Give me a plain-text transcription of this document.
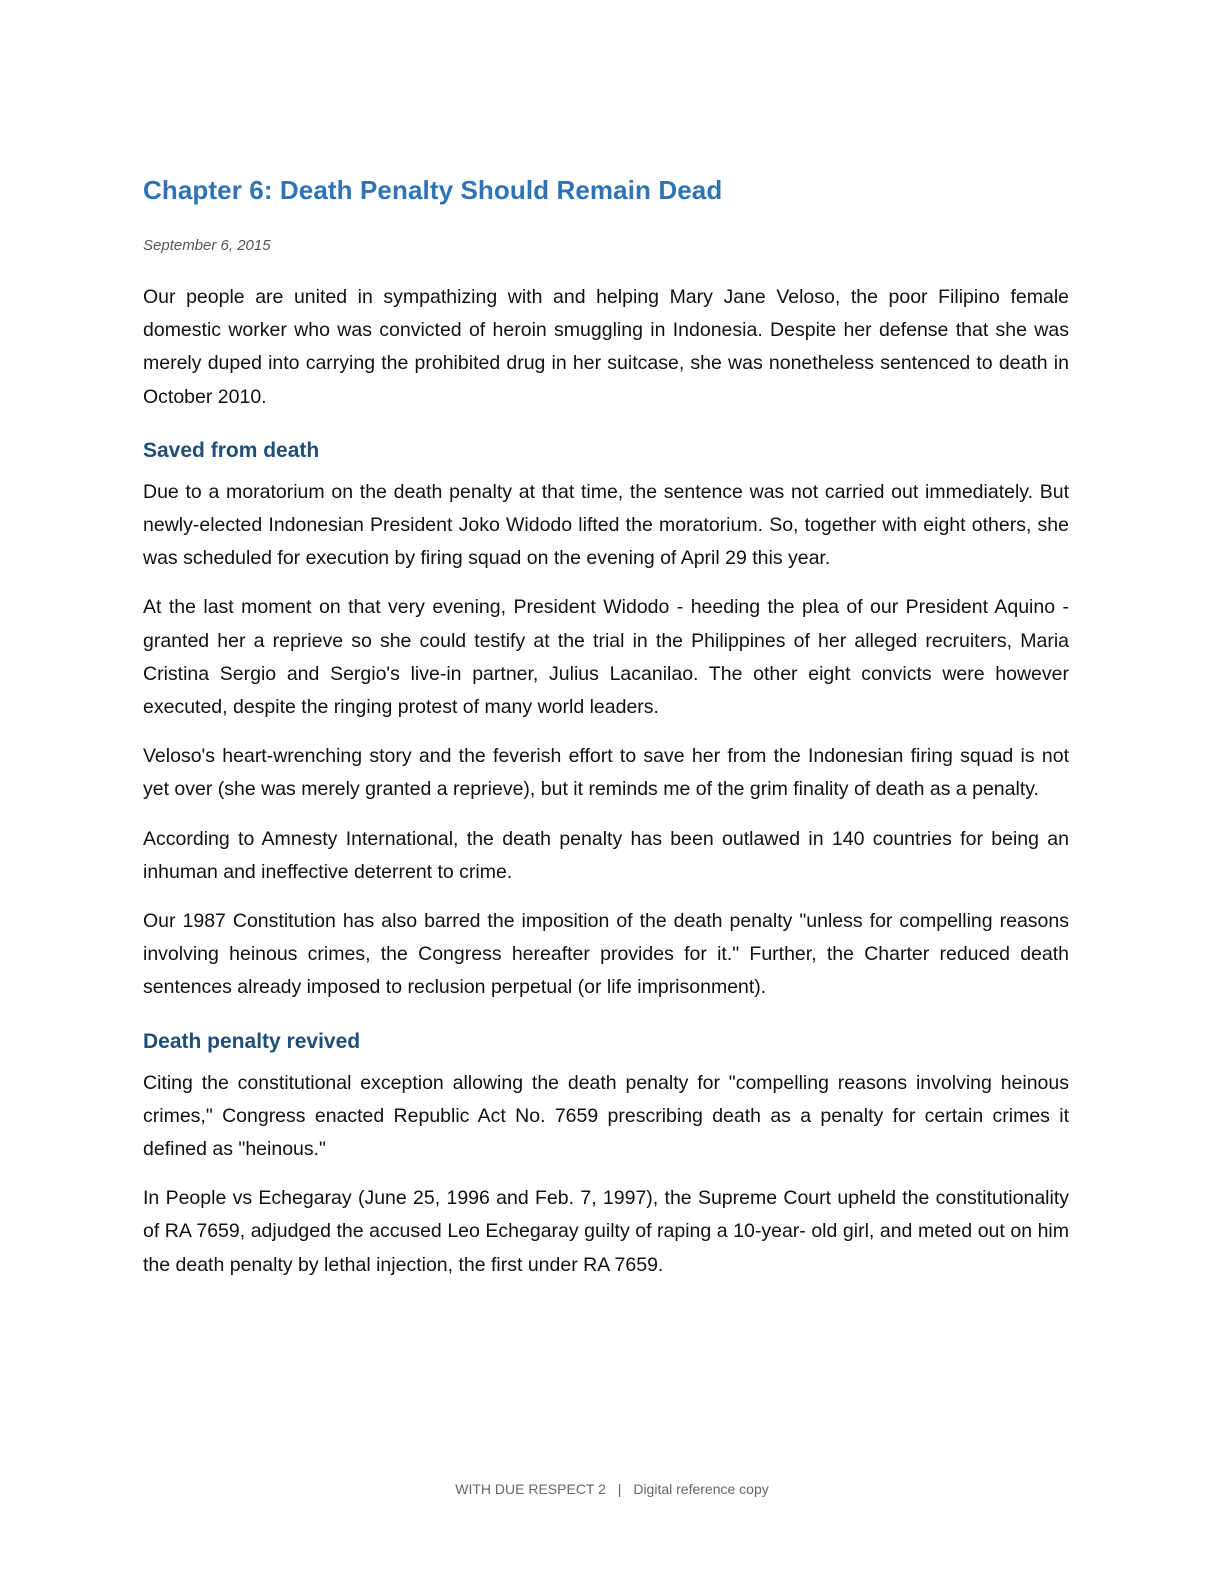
Chapter 6: Death Penalty Should Remain Dead
September 6, 2015

Our people are united in sympathizing with and helping Mary Jane Veloso, the poor Filipino female domestic worker who was convicted of heroin smuggling in Indonesia. Despite her defense that she was merely duped into carrying the prohibited drug in her suitcase, she was nonetheless sentenced to death in October 2010.

Saved from death

Due to a moratorium on the death penalty at that time, the sentence was not carried out immediately. But newly-elected Indonesian President Joko Widodo lifted the moratorium. So, together with eight others, she was scheduled for execution by firing squad on the evening of April 29 this year.

At the last moment on that very evening, President Widodo - heeding the plea of our President Aquino - granted her a reprieve so she could testify at the trial in the Philippines of her alleged recruiters, Maria Cristina Sergio and Sergio's live-in partner, Julius Lacanilao. The other eight convicts were however executed, despite the ringing protest of many world leaders.

Veloso's heart-wrenching story and the feverish effort to save her from the Indonesian firing squad is not yet over (she was merely granted a reprieve), but it reminds me of the grim finality of death as a penalty.

According to Amnesty International, the death penalty has been outlawed in 140 countries for being an inhuman and ineffective deterrent to crime.

Our 1987 Constitution has also barred the imposition of the death penalty "unless for compelling reasons involving heinous crimes, the Congress hereafter provides for it." Further, the Charter reduced death sentences already imposed to reclusion perpetual (or life imprisonment).

Death penalty revived

Citing the constitutional exception allowing the death penalty for "compelling reasons involving heinous crimes," Congress enacted Republic Act No. 7659 prescribing death as a penalty for certain crimes it defined as "heinous."

In People vs Echegaray (June 25, 1996 and Feb. 7, 1997), the Supreme Court upheld the constitutionality of RA 7659, adjudged the accused Leo Echegaray guilty of raping a 10-year- old girl, and meted out on him the death penalty by lethal injection, the first under RA 7659.

WITH DUE RESPECT 2 | Digital reference copy
